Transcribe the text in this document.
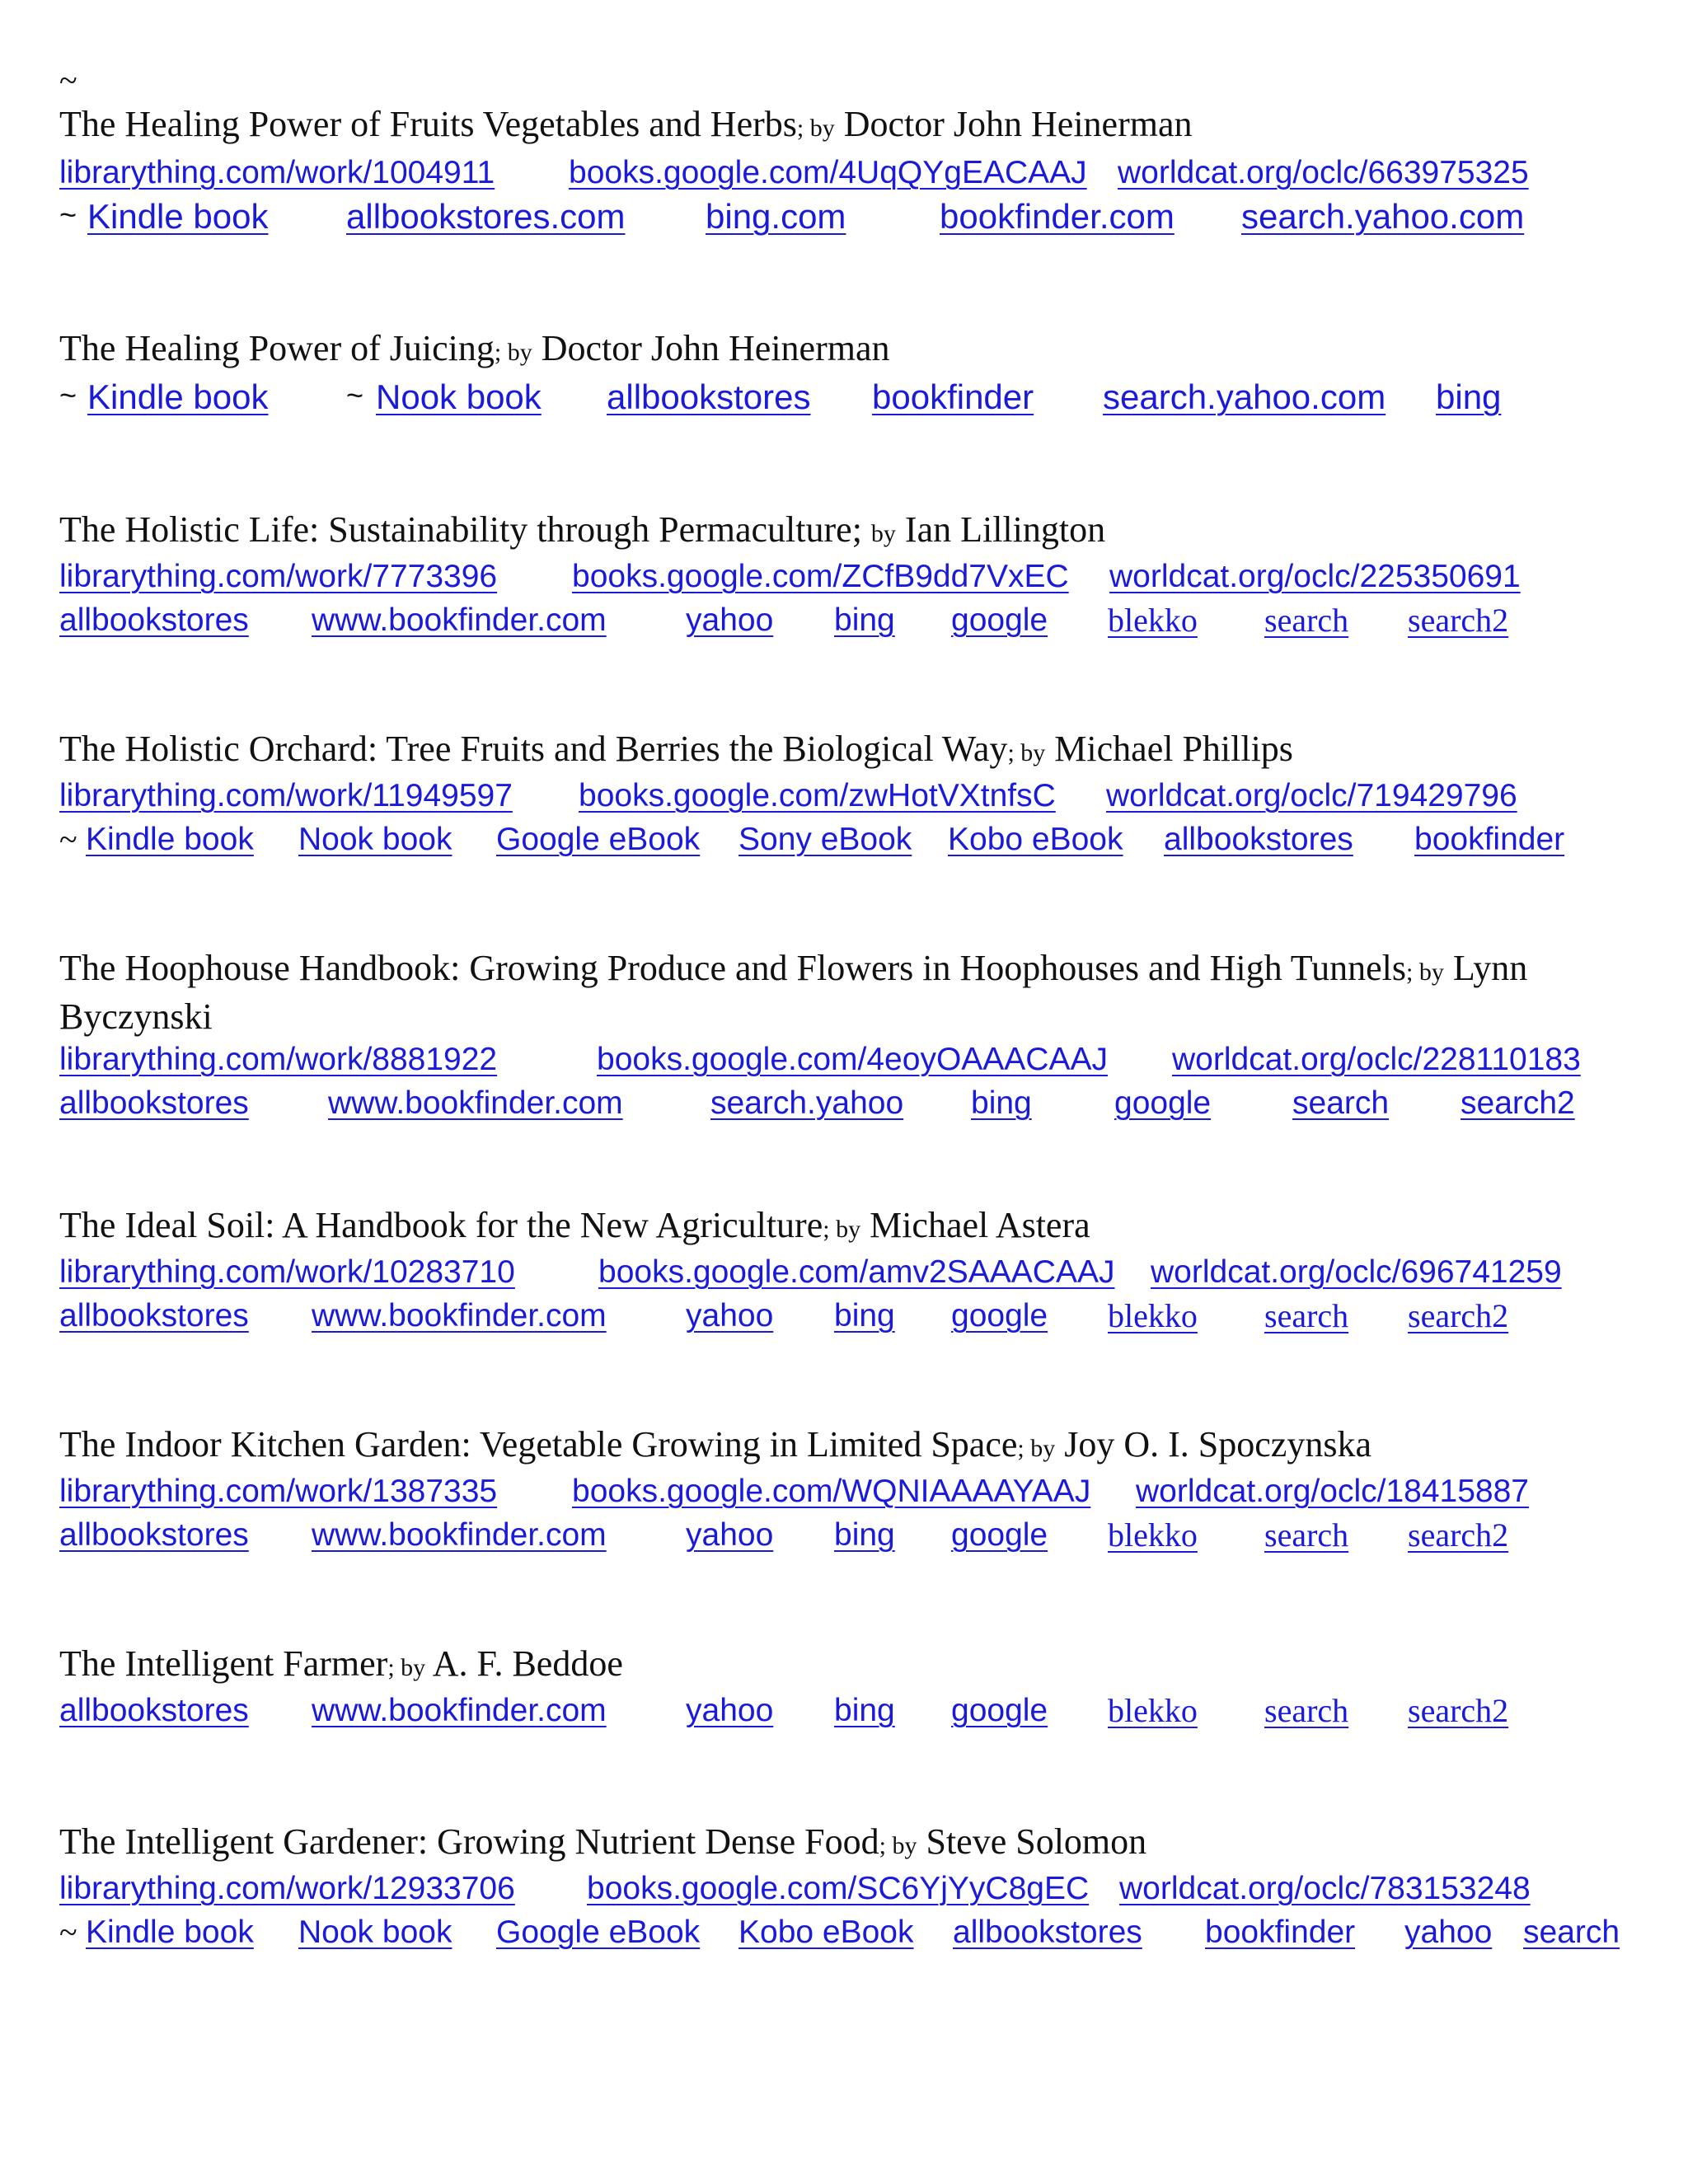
~

The Healing Power of Fruits Vegetables and Herbs; by Doctor John Heinerman

librarything.com/work/1004911 books.google.com/4UqQYgEACAAJ worldcat.org/oclc/663975325
~ Kindle book allbookstores.com bing.com	bookfinder.com search.yahoo.com

The Healing Power of Juicing; by Doctor John Heinerman

~ Kindle book	~ Nook book allbookstores bookfinder search.yahoo.com bing

The Holistic Life: Sustainability through Permaculture; by Ian Lillington

librarything.com/work/7773396 books.google.com/ZCfB9dd7VxEC worldcat.org/oclc/225350691
allbookstores www.bookfinder.com yahoo bing google blekko search search2

The Holistic Orchard: Tree Fruits and Berries the Biological Way; by Michael Phillips

librarything.com/work/11949597 books.google.com/zwHotVXtnfsC worldcat.org/oclc/719429796
~ Kindle book Nook book Google eBook Sony eBook Kobo eBook allbookstores bookfinder

The Hoophouse Handbook: Growing Produce and Flowers in Hoophouses and High Tunnels; by Lynn

Byczynski

librarything.com/work/8881922	books.google.com/4eoyOAAACAAJ worldcat.org/oclc/228110183
allbookstores www.bookfinder.com	search.yahoo bing	google	search search2

The Ideal Soil: A Handbook for the New Agriculture; by Michael Astera

librarything.com/work/10283710	books.google.com/amv2SAAACAAJ worldcat.org/oclc/696741259
allbookstores www.bookfinder.com yahoo bing google blekko search search2

The Indoor Kitchen Garden: Vegetable Growing in Limited Space; by Joy O. I. Spoczynska

librarything.com/work/1387335 books.google.com/WQNIAAAAYAAJ worldcat.org/oclc/18415887
allbookstores www.bookfinder.com yahoo bing google blekko search search2

The Intelligent Farmer; by A. F. Beddoe

allbookstores www.bookfinder.com yahoo bing google blekko search search2

The Intelligent Gardener: Growing Nutrient Dense Food; by Steve Solomon

librarything.com/work/12933706 books.google.com/SC6YjYyC8gEC worldcat.org/oclc/783153248
~ Kindle book Nook book Google eBook Kobo eBook allbookstores bookfinder yahoo search
